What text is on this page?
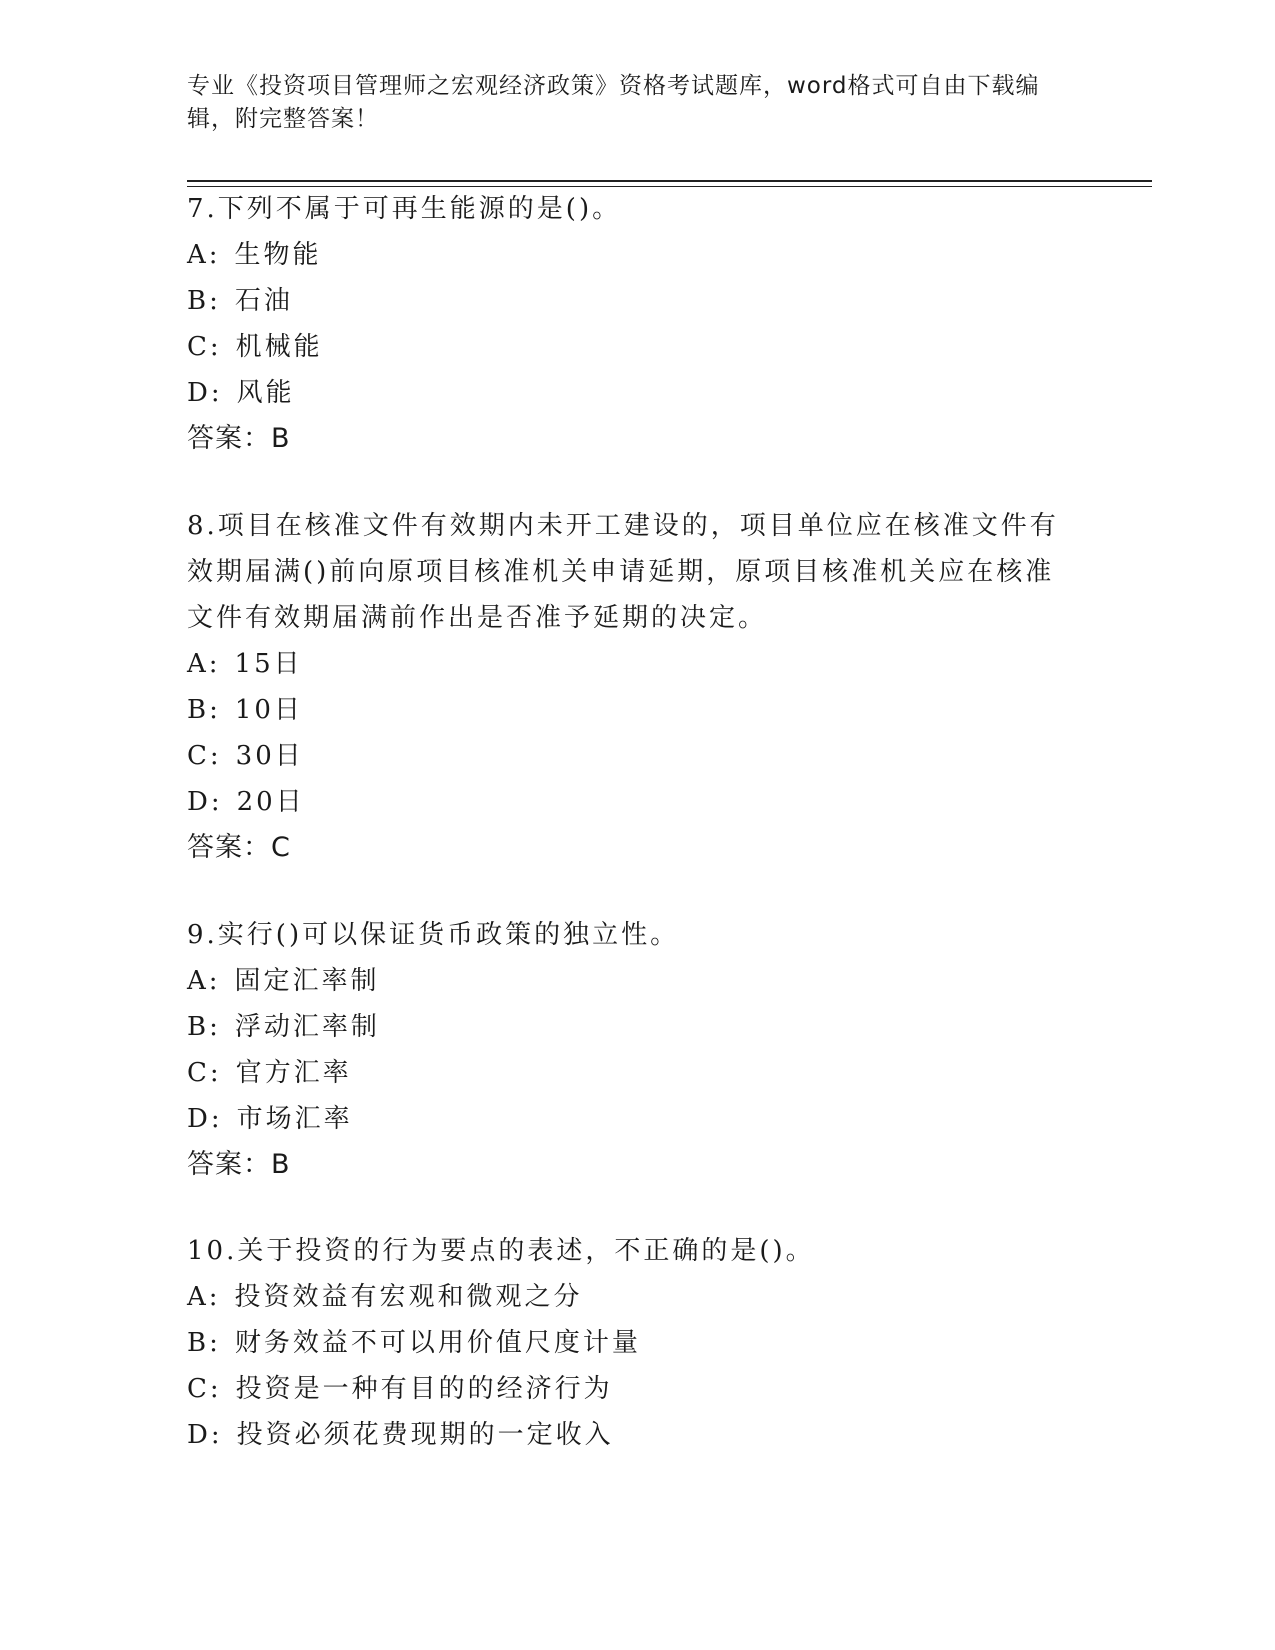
专业《投资项目管理师之宏观经济政策》资格考试题库，word格式可自由下载编辑，附完整答案！
7.下列不属于可再生能源的是()。
A: 生物能
B: 石油
C: 机械能
D: 风能
答案：B
8.项目在核准文件有效期内未开工建设的，项目单位应在核准文件有效期届满()前向原项目核准机关申请延期，原项目核准机关应在核准文件有效期届满前作出是否准予延期的决定。
A: 15日
B: 10日
C: 30日
D: 20日
答案：C
9.实行()可以保证货币政策的独立性。
A: 固定汇率制
B: 浮动汇率制
C: 官方汇率
D: 市场汇率
答案：B
10.关于投资的行为要点的表述，不正确的是()。
A: 投资效益有宏观和微观之分
B: 财务效益不可以用价值尺度计量
C: 投资是一种有目的的经济行为
D: 投资必须花费现期的一定收入
